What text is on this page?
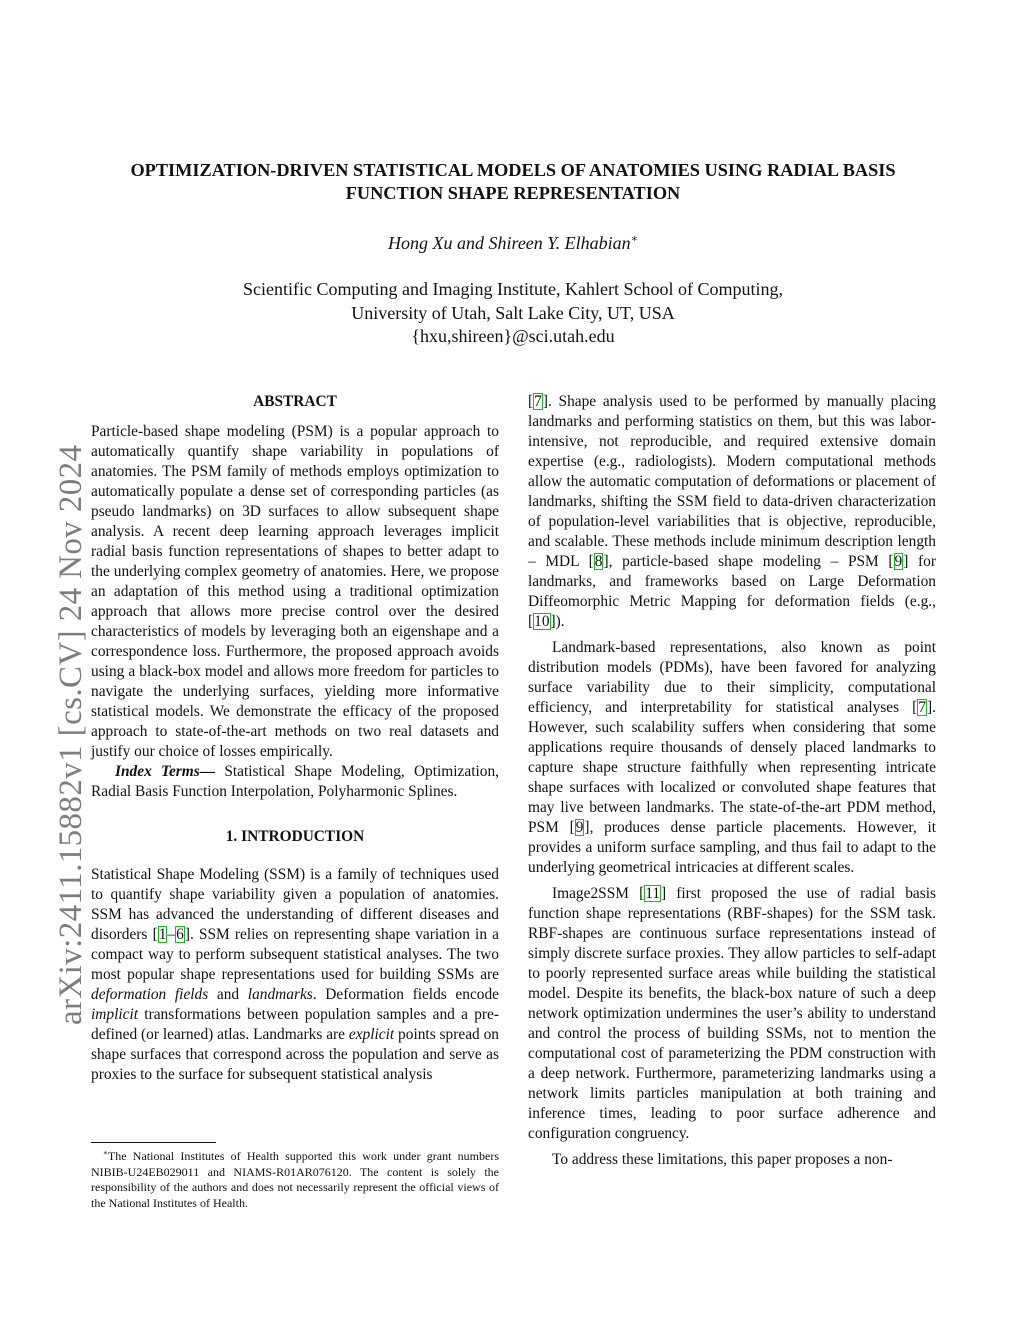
arXiv:2411.15882v1 [cs.CV] 24 Nov 2024
OPTIMIZATION-DRIVEN STATISTICAL MODELS OF ANATOMIES USING RADIAL BASIS FUNCTION SHAPE REPRESENTATION
Hong Xu and Shireen Y. Elhabian∗
Scientific Computing and Imaging Institute, Kahlert School of Computing,
University of Utah, Salt Lake City, UT, USA
{hxu,shireen}@sci.utah.edu
ABSTRACT

Particle-based shape modeling (PSM) is a popular approach to automatically quantify shape variability in populations of anatomies. The PSM family of methods employs optimization to automatically populate a dense set of corresponding particles (as pseudo landmarks) on 3D surfaces to allow subsequent shape analysis. A recent deep learning approach leverages implicit radial basis function representations of shapes to better adapt to the underlying complex geometry of anatomies. Here, we propose an adaptation of this method using a traditional optimization approach that allows more precise control over the desired characteristics of models by leveraging both an eigenshape and a correspondence loss. Furthermore, the proposed approach avoids using a black-box model and allows more freedom for particles to navigate the underlying surfaces, yielding more informative statistical models. We demonstrate the efficacy of the proposed approach to state-of-the-art methods on two real datasets and justify our choice of losses empirically.

Index Terms— Statistical Shape Modeling, Optimization, Radial Basis Function Interpolation, Polyharmonic Splines.

1. INTRODUCTION

Statistical Shape Modeling (SSM) is a family of techniques used to quantify shape variability given a population of anatomies. SSM has advanced the understanding of different diseases and disorders [1–6]. SSM relies on representing shape variation in a compact way to perform subsequent statistical analyses. The two most popular shape representations used for building SSMs are deformation fields and landmarks. Deformation fields encode implicit transformations between population samples and a pre-defined (or learned) atlas. Landmarks are explicit points spread on shape surfaces that correspond across the population and serve as proxies to the surface for subsequent statistical analysis

∗The National Institutes of Health supported this work under grant numbers NIBIB-U24EB029011 and NIAMS-R01AR076120. The content is solely the responsibility of the authors and does not necessarily represent the official views of the National Institutes of Health.

[7]. Shape analysis used to be performed by manually placing landmarks and performing statistics on them, but this was labor-intensive, not reproducible, and required extensive domain expertise (e.g., radiologists). Modern computational methods allow the automatic computation of deformations or placement of landmarks, shifting the SSM field to data-driven characterization of population-level variabilities that is objective, reproducible, and scalable. These methods include minimum description length – MDL [8], particle-based shape modeling – PSM [9] for landmarks, and frameworks based on Large Deformation Diffeomorphic Metric Mapping for deformation fields (e.g., [10]).

Landmark-based representations, also known as point distribution models (PDMs), have been favored for analyzing surface variability due to their simplicity, computational efficiency, and interpretability for statistical analyses [7]. However, such scalability suffers when considering that some applications require thousands of densely placed landmarks to capture shape structure faithfully when representing intricate shape surfaces with localized or convoluted shape features that may live between landmarks. The state-of-the-art PDM method, PSM [9], produces dense particle placements. However, it provides a uniform surface sampling, and thus fail to adapt to the underlying geometrical intricacies at different scales.

Image2SSM [11] first proposed the use of radial basis function shape representations (RBF-shapes) for the SSM task. RBF-shapes are continuous surface representations instead of simply discrete surface proxies. They allow particles to self-adapt to poorly represented surface areas while building the statistical model. Despite its benefits, the black-box nature of such a deep network optimization undermines the user’s ability to understand and control the process of building SSMs, not to mention the computational cost of parameterizing the PDM construction with a deep network. Furthermore, parameterizing landmarks using a network limits particles manipulation at both training and inference times, leading to poor surface adherence and configuration congruency.

To address these limitations, this paper proposes a non-
